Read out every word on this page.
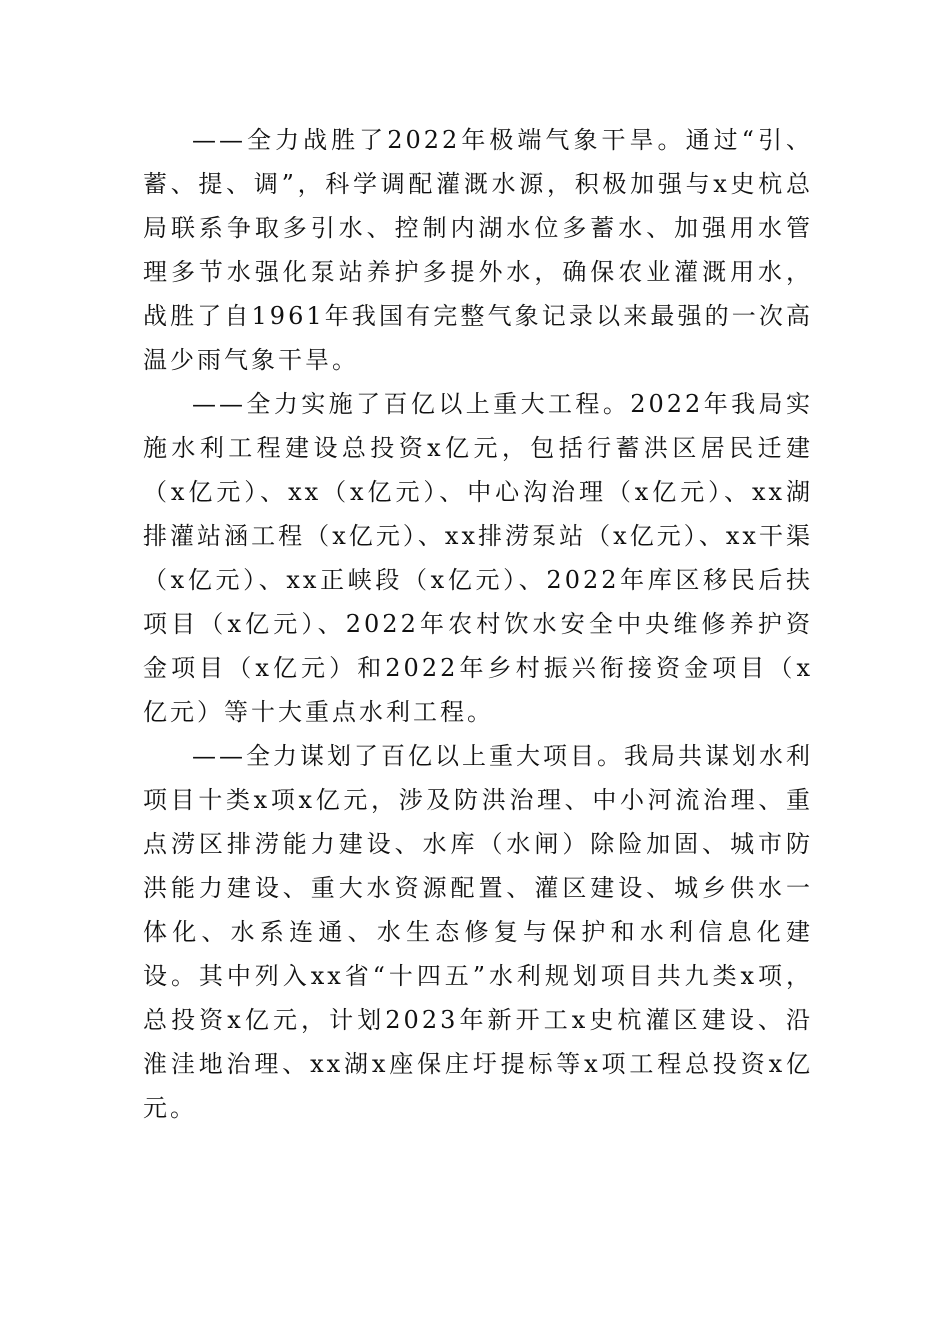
——全力战胜了2022年极端气象干旱。通过“引、蓄、提、调”，科学调配灌溉水源，积极加强与x史杭总局联系争取多引水、控制内湖水位多蓄水、加强用水管理多节水强化泵站养护多提外水，确保农业灌溉用水，战胜了自1961年我国有完整气象记录以来最强的一次高温少雨气象干旱。

——全力实施了百亿以上重大工程。2022年我局实施水利工程建设总投资x亿元，包括行蓄洪区居民迁建（x亿元）、xx（x亿元）、中心沟治理（x亿元）、xx湖排灌站涵工程（x亿元）、xx排涝泵站（x亿元）、xx干渠（x亿元）、xx正峡段（x亿元）、2022年库区移民后扶项目（x亿元）、2022年农村饮水安全中央维修养护资金项目（x亿元）和2022年乡村振兴衔接资金项目（x亿元）等十大重点水利工程。

——全力谋划了百亿以上重大项目。我局共谋划水利项目十类x项x亿元，涉及防洪治理、中小河流治理、重点涝区排涝能力建设、水库（水闸）除险加固、城市防洪能力建设、重大水资源配置、灌区建设、城乡供水一体化、水系连通、水生态修复与保护和水利信息化建设。其中列入xx省“十四五”水利规划项目共九类x项，总投资x亿元，计划2023年新开工x史杭灌区建设、沿淮洼地治理、xx湖x座保庄圩提标等x项工程总投资x亿元。
